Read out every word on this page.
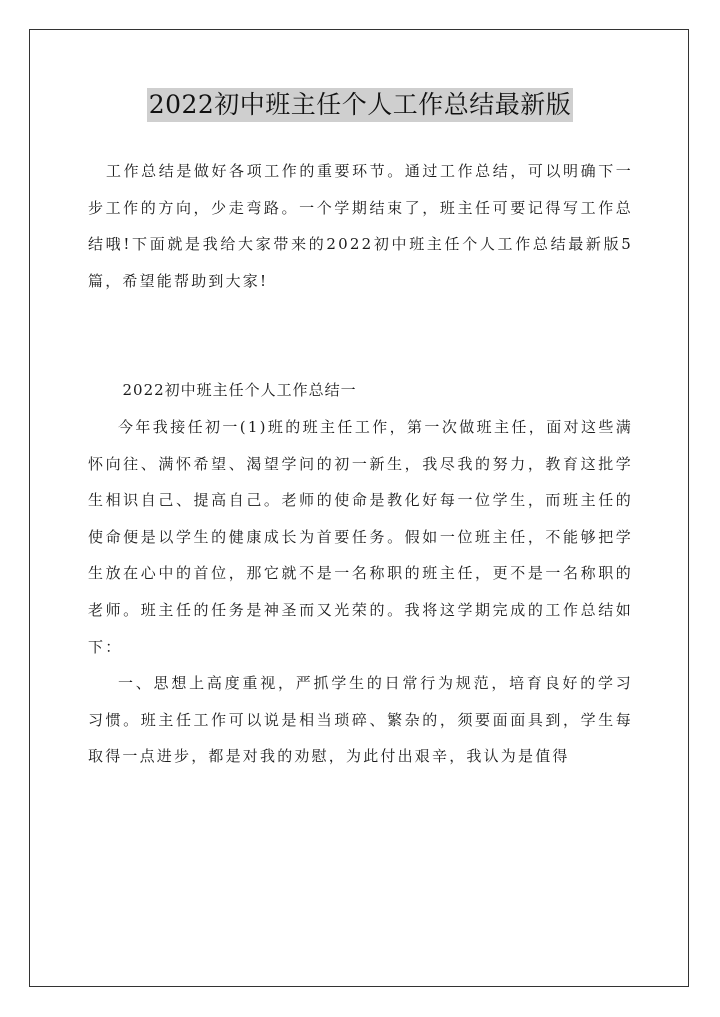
2022初中班主任个人工作总结最新版

工作总结是做好各项工作的重要环节。通过工作总结，可以明确下一步工作的方向，少走弯路。一个学期结束了，班主任可要记得写工作总结哦!下面就是我给大家带来的2022初中班主任个人工作总结最新版5篇，希望能帮助到大家!

2022初中班主任个人工作总结一

今年我接任初一(1)班的班主任工作，第一次做班主任，面对这些满怀向往、满怀希望、渴望学问的初一新生，我尽我的努力，教育这批学生相识自己、提高自己。老师的使命是教化好每一位学生，而班主任的使命便是以学生的健康成长为首要任务。假如一位班主任，不能够把学生放在心中的首位，那它就不是一名称职的班主任，更不是一名称职的老师。班主任的任务是神圣而又光荣的。我将这学期完成的工作总结如下：

一、思想上高度重视，严抓学生的日常行为规范，培育良好的学习习惯。班主任工作可以说是相当琐碎、繁杂的，须要面面具到，学生每取得一点进步，都是对我的劝慰，为此付出艰辛，我认为是值得
